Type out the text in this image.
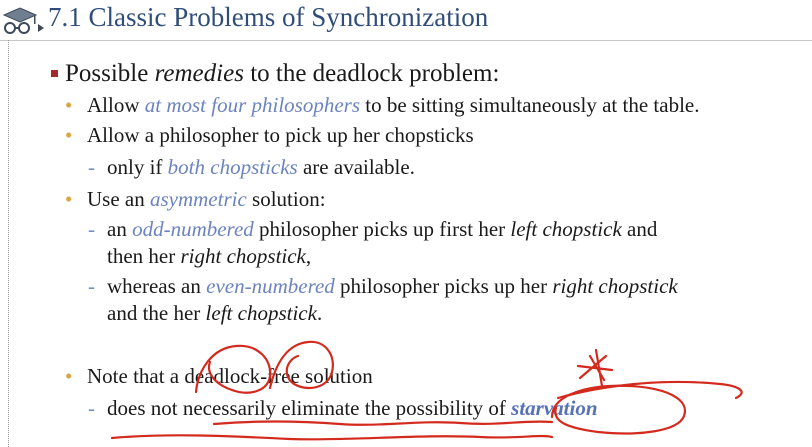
7.1 Classic Problems of Synchronization
Possible remedies to the deadlock problem:
• Allow at most four philosophers to be sitting simultaneously at the table.
• Allow a philosopher to pick up her chopsticks
- only if both chopsticks are available.
• Use an asymmetric solution:
- an odd-numbered philosopher picks up first her left chopstick and
then her right chopstick,
- whereas an even-numbered philosopher picks up her right chopstick
and the her left chopstick.
• Note that a deadlock-free solution
- does not necessarily eliminate the possibility of starvation
